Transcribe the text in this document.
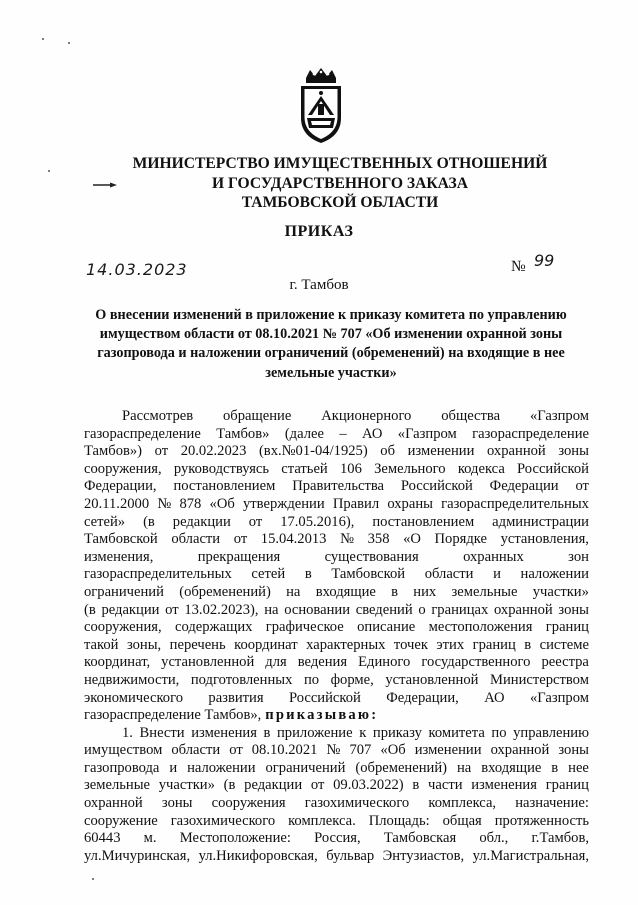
МИНИСТЕРСТВО ИМУЩЕСТВЕННЫХ ОТНОШЕНИЙ
И ГОСУДАРСТВЕННОГО ЗАКАЗА
ТАМБОВСКОЙ ОБЛАСТИ
ПРИКАЗ
14.03.2023	№ 99
г. Тамбов
О внесении изменений в приложение к приказу комитета по управлению
имуществом области от 08.10.2021 № 707 «Об изменении охранной зоны
газопровода и наложении ограничений (обременений) на входящие в нее
земельные участки»
Рассмотрев обращение Акционерного общества «Газпром
газораспределение Тамбов» (далее – АО «Газпром газораспределение
Тамбов») от 20.02.2023 (вх.№01-04/1925) об изменении охранной зоны
сооружения, руководствуясь статьей 106 Земельного кодекса Российской
Федерации, постановлением Правительства Российской Федерации от
20.11.2000 № 878 «Об утверждении Правил охраны газораспределительных
сетей» (в редакции от 17.05.2016), постановлением администрации
Тамбовской области от 15.04.2013 № 358 «О Порядке установления,
изменения,	прекращения	существования	охранных	зон
газораспределительных сетей в Тамбовской области и наложении
ограничений (обременений) на входящие в них земельные участки»
(в редакции от 13.02.2023), на основании сведений о границах охранной зоны
сооружения, содержащих графическое описание местоположения границ
такой зоны, перечень координат характерных точек этих границ в системе
координат, установленной для ведения Единого государственного реестра
недвижимости, подготовленных по форме, установленной Министерством
экономического развития Российской Федерации, АО «Газпром
газораспределение Тамбов», приказываю:
1. Внести изменения в приложение к приказу комитета по управлению
имуществом области от 08.10.2021 № 707 «Об изменении охранной зоны
газопровода и наложении ограничений (обременений) на входящие в нее
земельные участки» (в редакции от 09.03.2022) в части изменения границ
охранной зоны сооружения газохимического комплекса, назначение:
сооружение газохимического комплекса. Площадь: общая протяженность
60443 м. Местоположение: Россия, Тамбовская обл., г.Тамбов,
ул.Мичуринская, ул.Никифоровская, бульвар Энтузиастов, ул.Магистральная,
